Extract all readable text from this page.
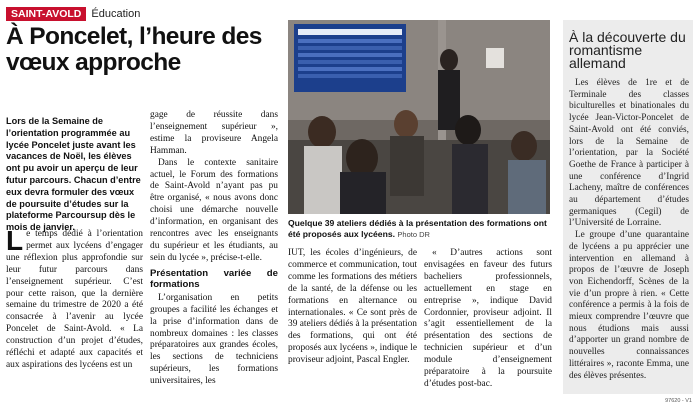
SAINT-AVOLD Éducation
À Poncelet, l’heure des vœux approche
Lors de la Semaine de l’orientation programmée au lycée Poncelet juste avant les vacances de Noël, les élèves ont pu avoir un aperçu de leur futur parcours. Chacun d’entre eux devra formuler des vœux de poursuite d’études sur la plateforme Parcoursup dès le mois de janvier.
Le temps dédié à l’orientation permet aux lycéens d’engager une réflexion plus approfondie sur leur futur parcours dans l’enseignement supérieur. C’est pour cette raison, que la dernière semaine du trimestre de 2020 a été consacrée à l’avenir au lycée Poncelet de Saint-Avold. « La construction d’un projet d’études, réfléchi et adapté aux capacités et aux aspirations des lycéens est un

gage de réussite dans l’enseignement supérieur », estime la proviseure Angela Hamman.

Dans le contexte sanitaire actuel, le Forum des formations de Saint-Avold n’ayant pas pu être organisé, « nous avons donc choisi une démarche nouvelle d’information, en organisant des rencontres avec les enseignants du supérieur et les étudiants, au sein du lycée », précise-t-elle.

Présentation variée de formations

L’organisation en petits groupes a facilité les échanges et la prise d’information dans de nombreux domaines : les classes préparatoires aux grandes écoles, les sections de techniciens supérieurs, les formations universitaires, les

Quelque 39 ateliers dédiés à la présentation des formations ont été proposés aux lycéens. Photo DR
IUT, les écoles d’ingénieurs, de commerce et communication, tout comme les formations des métiers de la santé, de la défense ou les formations en alternance ou internationales. « Ce sont près de 39 ateliers dédiés à la présentation des formations, qui ont été proposés aux lycéens », indique le proviseur adjoint, Pascal Engler.

« D’autres actions sont envisagées en faveur des futurs bacheliers professionnels, actuellement en stage en entreprise », indique David Cordonnier, proviseur adjoint. Il s’agit essentiellement de la présentation des sections de technicien supérieur et d’un module d’enseignement préparatoire à la poursuite d’études post-bac.

À la découverte du romantisme allemand

Les élèves de 1re et de Terminale des classes biculturelles et binationales du lycée Jean-Victor-Poncelet de Saint-Avold ont été conviés, lors de la Semaine de l’orientation, par la Société Goethe de France à participer à une conférence d’Ingrid Lacheny, maître de conférences au département d’études germaniques (Cegil) de l’Université de Lorraine.

Le groupe d’une quarantaine de lycéens a pu apprécier une intervention en allemand à propos de l’œuvre de Joseph von Eichendorff, Scènes de la vie d’un propre à rien. « Cette conférence a permis à la fois de mieux comprendre l’œuvre que nous étudions mais aussi d’apporter un grand nombre de nouvelles connaissances littéraires », raconte Emma, une des élèves présentes.

97620 - V1
